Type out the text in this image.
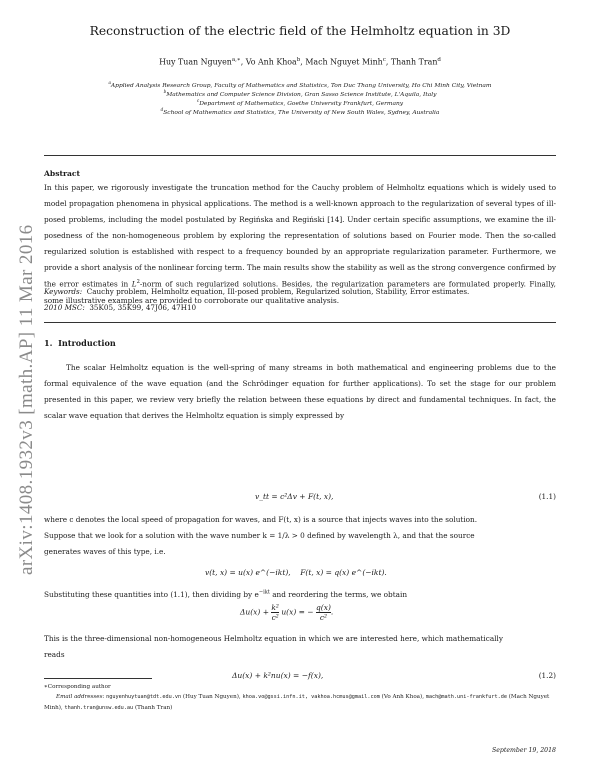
arXiv:1408.1932v3 [math.AP] 11 Mar 2016
Reconstruction of the electric field of the Helmholtz equation in 3D
Huy Tuan Nguyen$^{a,∗}$, Vo Anh Khoa$^b$, Mach Nguyet Minh$^c$, Thanh Tran$^d$
$^a$Applied Analysis Research Group, Faculty of Mathematics and Statistics, Ton Duc Thang University, Ho Chi Minh City, Vietnam
$^b$Mathematics and Computer Science Division, Gran Sasso Science Institute, L'Aquila, Italy
$^c$Department of Mathematics, Goethe University Frankfurt, Germany
$^d$School of Mathematics and Statistics, The University of New South Wales, Sydney, Australia
Abstract

In this paper, we rigorously investigate the truncation method for the Cauchy problem of Helmholtz equations which is widely used to model propagation phenomena in physical applications. The method is a well-known approach to the regularization of several types of ill-posed problems, including the model postulated by Regińska and Regiński [14]. Under certain specific assumptions, we examine the ill-posedness of the non-homogeneous problem by exploring the representation of solutions based on Fourier mode. Then the so-called regularized solution is established with respect to a frequency bounded by an appropriate regularization parameter. Furthermore, we provide a short analysis of the nonlinear forcing term. The main results show the stability as well as the strong convergence confirmed by the error estimates in $L^2$-norm of such regularized solutions. Besides, the regularization parameters are formulated properly. Finally, some illustrative examples are provided to corroborate our qualitative analysis.

Keywords: Cauchy problem, Helmholtz equation, Ill-posed problem, Regularized solution, Stability, Error estimates.
2010 MSC: 35K05, 35K99, 47J06, 47H10
1. Introduction

The scalar Helmholtz equation is the well-spring of many streams in both mathematical and engineering problems due to the formal equivalence of the wave equation (and the Schrödinger equation for further applications). To set the stage for our problem presented in this paper, we review very briefly the relation between these equations by direct and fundamental techniques. In fact, the scalar wave equation that derives the Helmholtz equation is simply expressed by

v_tt = c²Δv + F(t, x),	(1.1)
where c denotes the local speed of propagation for waves, and F(t, x) is a source that injects waves into the solution.
Suppose that we look for a solution with the wave number k = 1/λ > 0 defined by wavelength λ, and that the source
generates waves of this type, i.e.
v(t, x) = u(x) e^(−ikt), F(t, x) = q(x) e^(−ikt).
Substituting these quantities into (1.1), then dividing by $e^{-ikt}$ and reordering the terms, we obtain
$\Delta u(x) + \frac{\text{k²}}{\text{c²}} u(x)$ = − $\frac{q(x)}{\text{c²}}$ .
This is the three-dimensional non-homogeneous Helmholtz equation in which we are interested here, which mathematically
reads
Δu(x) + k²nu(x) = −f(x),	(1.2)
∗Corresponding author
Email addresses: nguyenhuytuan@tdt.edu.vn (Huy Tuan Nguyen), khoa.vo@gssi.infn.it, vakhoa.hcmus@gmail.com (Vo Anh Khoa), mach@math.uni-frankfurt.de (Mach Nguyet Minh), thanh.tran@unsw.edu.au (Thanh Tran)
September 19, 2018
